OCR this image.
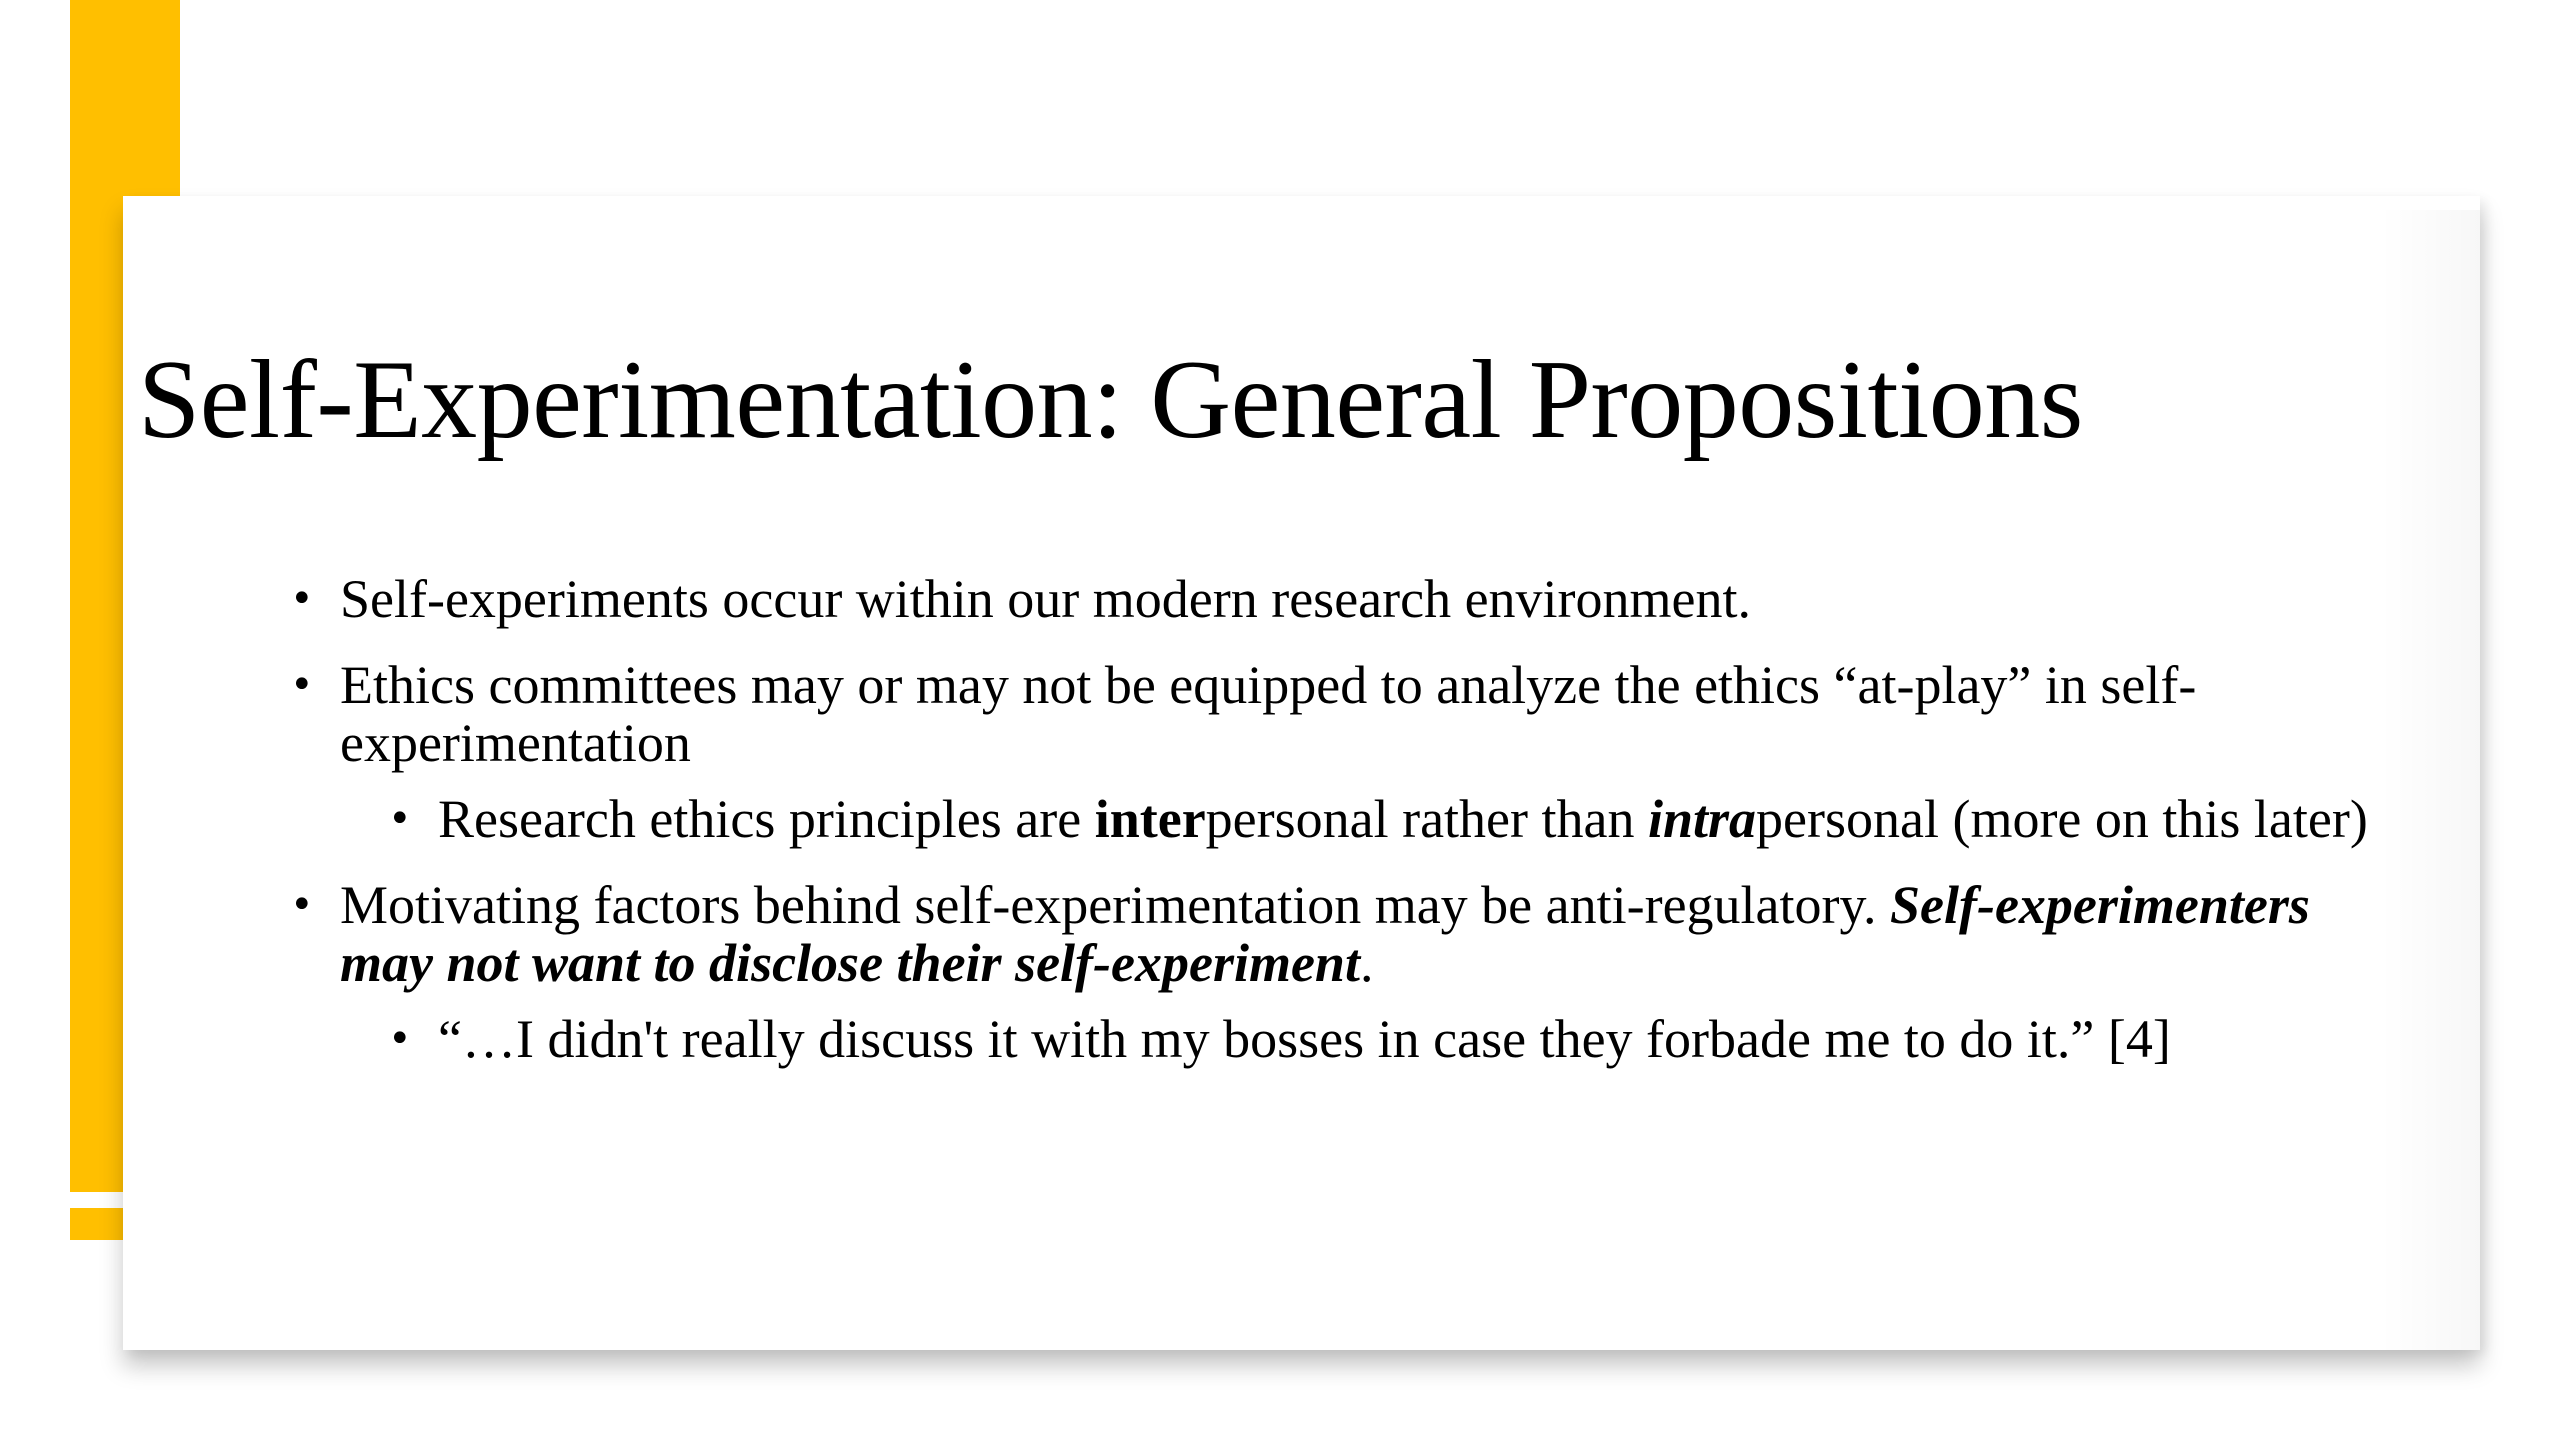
Self-Experimentation: General Propositions
• Self-experiments occur within our modern research environment.
• Ethics committees may or may not be equipped to analyze the ethics “at-play” in self-experimentation
• Research ethics principles are interpersonal rather than intrapersonal (more on this later)
• Motivating factors behind self-experimentation may be anti-regulatory. Self-experimenters may not want to disclose their self-experiment.
• “…I didn't really discuss it with my bosses in case they forbade me to do it.” [4]
